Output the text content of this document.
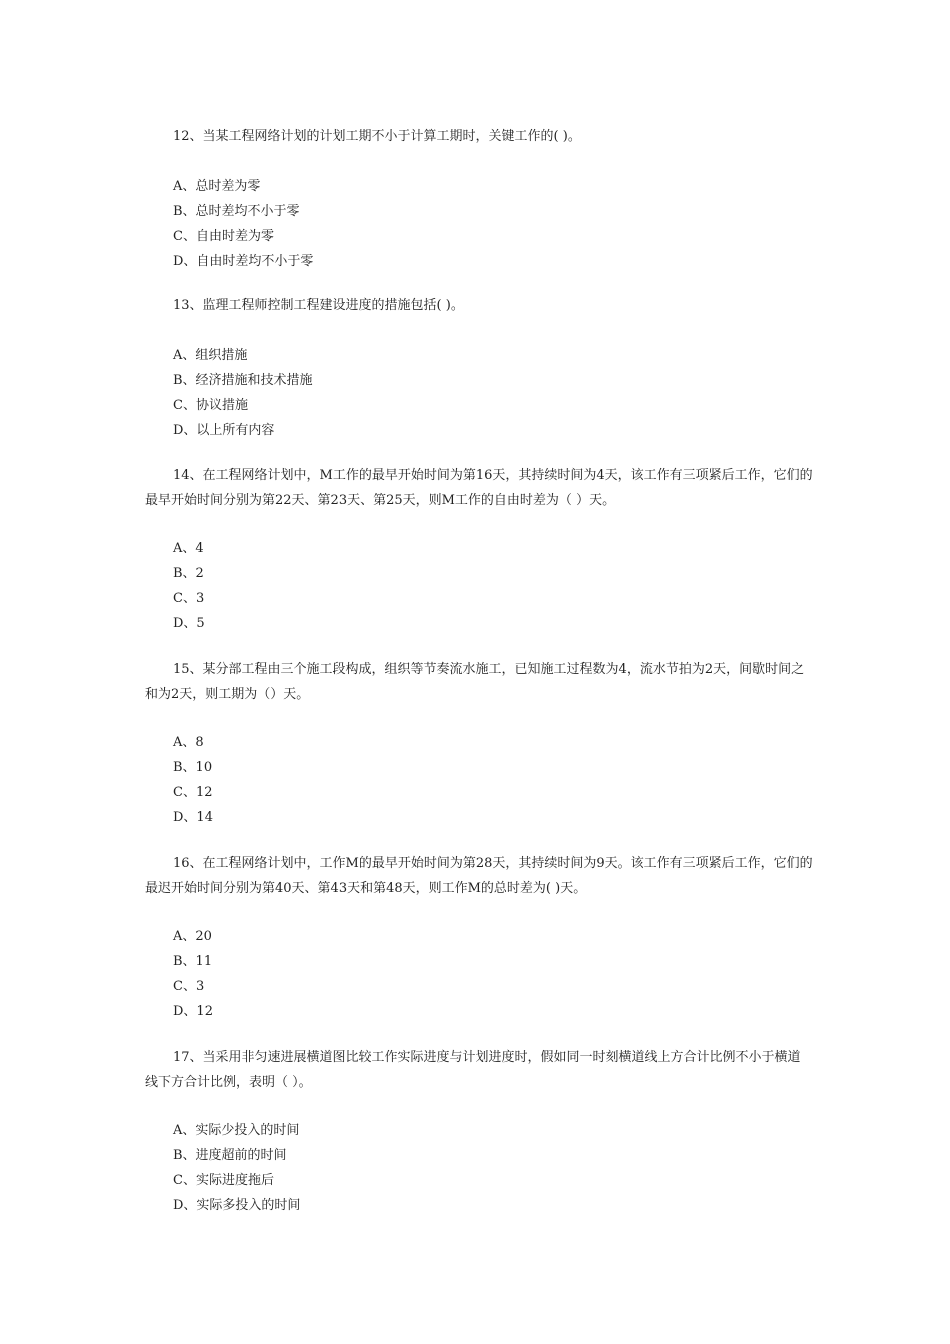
12、当某工程网络计划的计划工期不小于计算工期时，关键工作的( )。

A、总时差为零
B、总时差均不小于零
C、自由时差为零
D、自由时差均不小于零

13、监理工程师控制工程建设进度的措施包括( )。

A、组织措施
B、经济措施和技术措施
C、协议措施
D、以上所有内容

14、在工程网络计划中，M工作的最早开始时间为第16天，其持续时间为4天，该工作有三项紧后工作，它们的最早开始时间分别为第22天、第23天、第25天，则M工作的自由时差为（ ）天。

A、4
B、2
C、3
D、5

15、某分部工程由三个施工段构成，组织等节奏流水施工，已知施工过程数为4，流水节拍为2天，间歇时间之和为2天，则工期为（）天。

A、8
B、10
C、12
D、14

16、在工程网络计划中，工作M的最早开始时间为第28天，其持续时间为9天。该工作有三项紧后工作，它们的最迟开始时间分别为第40天、第43天和第48天，则工作M的总时差为( )天。

A、20
B、11
C、3
D、12

17、当采用非匀速进展横道图比较工作实际进度与计划进度时，假如同一时刻横道线上方合计比例不小于横道线下方合计比例，表明（ ）。

A、实际少投入的时间
B、进度超前的时间
C、实际进度拖后
D、实际多投入的时间
